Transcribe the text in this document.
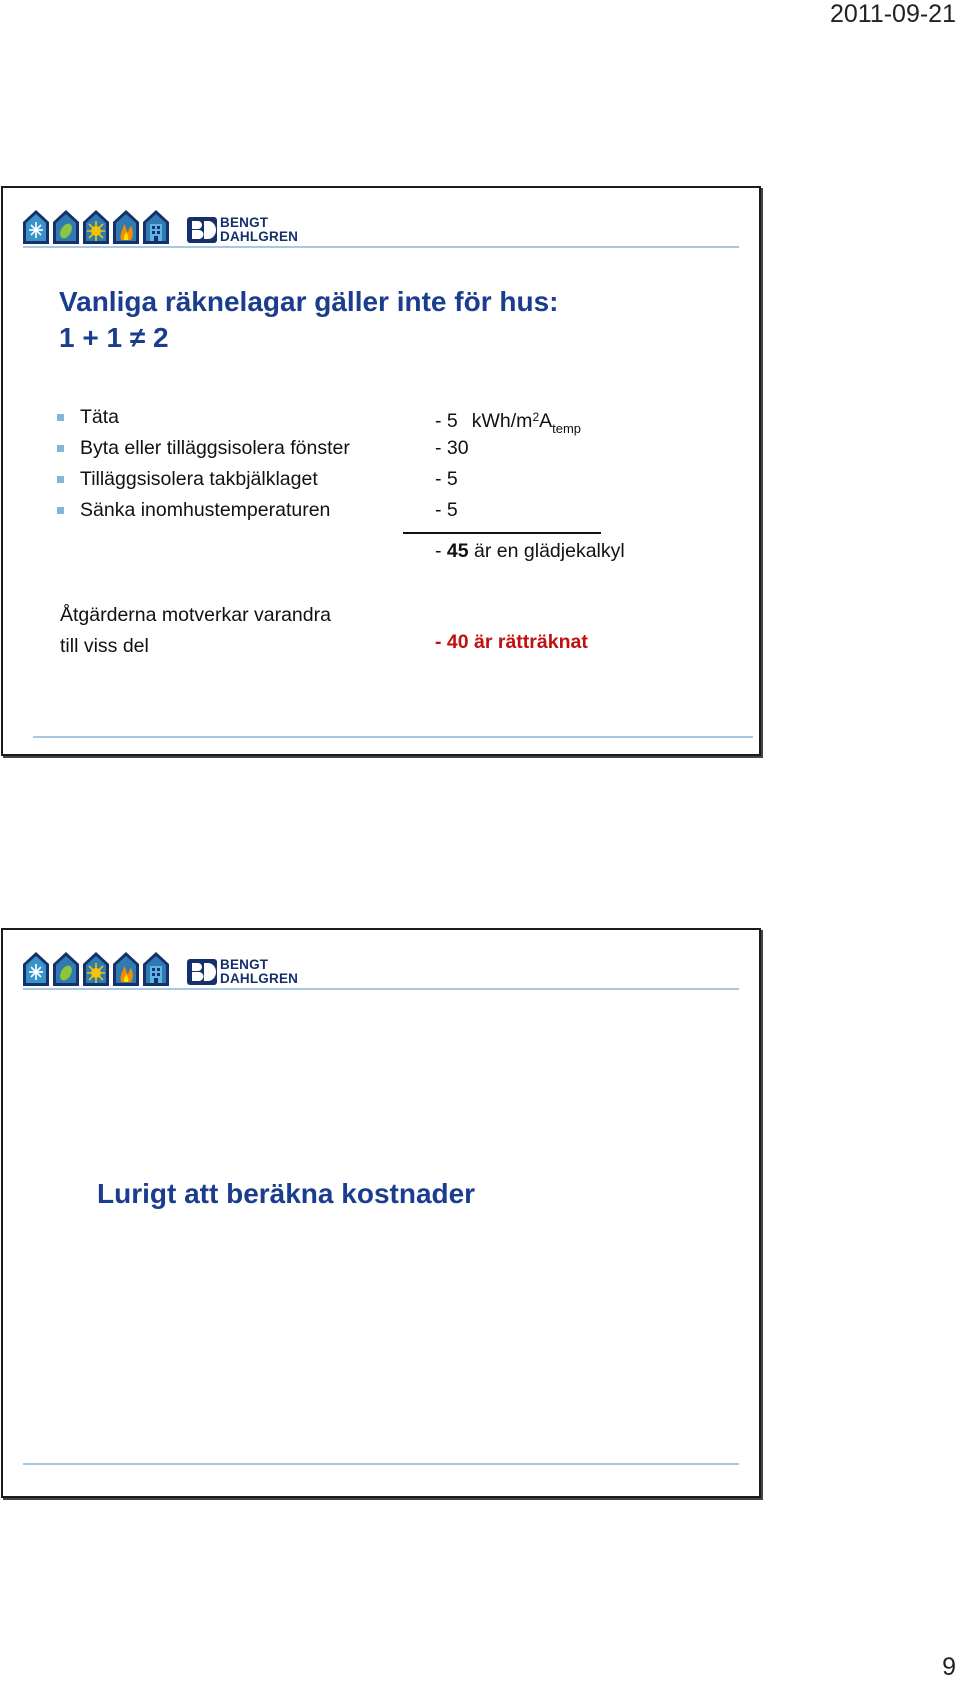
2011-09-21
BENGT
DAHLGREN
Vanliga räknelagar gäller inte för hus:
1 + 1 ≠ 2
Täta
Byta eller tilläggsisolera fönster
Tilläggsisolera takbjälklaget
Sänka inomhustemperaturen
- 5 kWh/$m^2A_{temp}$
- 30
- 5
- 5
- 45 är en glädjekalkyl
Åtgärderna motverkar varandra
till viss del	- 40 är rätträknat
BENGT
DAHLGREN
Lurigt att beräkna kostnader
9
